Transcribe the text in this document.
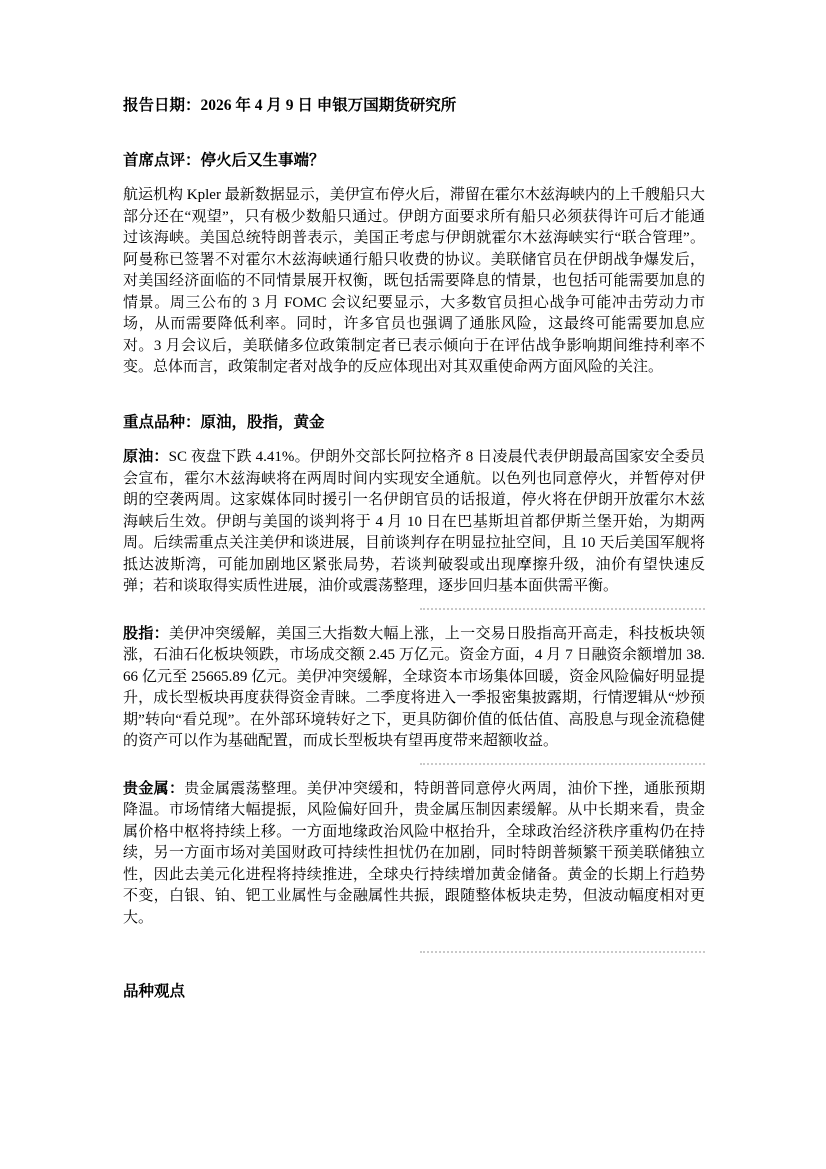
报告日期：2026 年 4 月 9 日 申银万国期货研究所

首席点评：停火后又生事端？

航运机构 Kpler 最新数据显示，美伊宣布停火后，滞留在霍尔木兹海峡内的上千艘船只大部分还在“观望”，只有极少数船只通过。伊朗方面要求所有船只必须获得许可后才能通过该海峡。美国总统特朗普表示，美国正考虑与伊朗就霍尔木兹海峡实行“联合管理”。阿曼称已签署不对霍尔木兹海峡通行船只收费的协议。美联储官员在伊朗战争爆发后，对美国经济面临的不同情景展开权衡，既包括需要降息的情景，也包括可能需要加息的情景。周三公布的 3 月 FOMC 会议纪要显示，大多数官员担心战争可能冲击劳动力市场，从而需要降低利率。同时，许多官员也强调了通胀风险，这最终可能需要加息应对。3 月会议后，美联储多位政策制定者已表示倾向于在评估战争影响期间维持利率不变。总体而言，政策制定者对战争的反应体现出对其双重使命两方面风险的关注。

重点品种：原油，股指，黄金

原油：SC 夜盘下跌 4.41%。伊朗外交部长阿拉格齐 8 日凌晨代表伊朗最高国家安全委员会宣布，霍尔木兹海峡将在两周时间内实现安全通航。以色列也同意停火，并暂停对伊朗的空袭两周。这家媒体同时援引一名伊朗官员的话报道，停火将在伊朗开放霍尔木兹海峡后生效。伊朗与美国的谈判将于 4 月 10 日在巴基斯坦首都伊斯兰堡开始，为期两周。后续需重点关注美伊和谈进展，目前谈判存在明显拉扯空间，且 10 天后美国军舰将抵达波斯湾，可能加剧地区紧张局势，若谈判破裂或出现摩擦升级，油价有望快速反弹；若和谈取得实质性进展，油价或震荡整理，逐步回归基本面供需平衡。

股指：美伊冲突缓解，美国三大指数大幅上涨，上一交易日股指高开高走，科技板块领涨，石油石化板块领跌，市场成交额 2.45 万亿元。资金方面，4 月 7 日融资余额增加 38.66 亿元至 25665.89 亿元。美伊冲突缓解，全球资本市场集体回暖，资金风险偏好明显提升，成长型板块再度获得资金青睐。二季度将进入一季报密集披露期，行情逻辑从“炒预期”转向“看兑现”。在外部环境转好之下，更具防御价值的低估值、高股息与现金流稳健的资产可以作为基础配置，而成长型板块有望再度带来超额收益。

贵金属：贵金属震荡整理。美伊冲突缓和，特朗普同意停火两周，油价下挫，通胀预期降温。市场情绪大幅提振，风险偏好回升，贵金属压制因素缓解。从中长期来看，贵金属价格中枢将持续上移。一方面地缘政治风险中枢抬升，全球政治经济秩序重构仍在持续，另一方面市场对美国财政可持续性担忧仍在加剧，同时特朗普频繁干预美联储独立性，因此去美元化进程将持续推进，全球央行持续增加黄金储备。黄金的长期上行趋势不变，白银、铂、钯工业属性与金融属性共振，跟随整体板块走势，但波动幅度相对更大。

品种观点
